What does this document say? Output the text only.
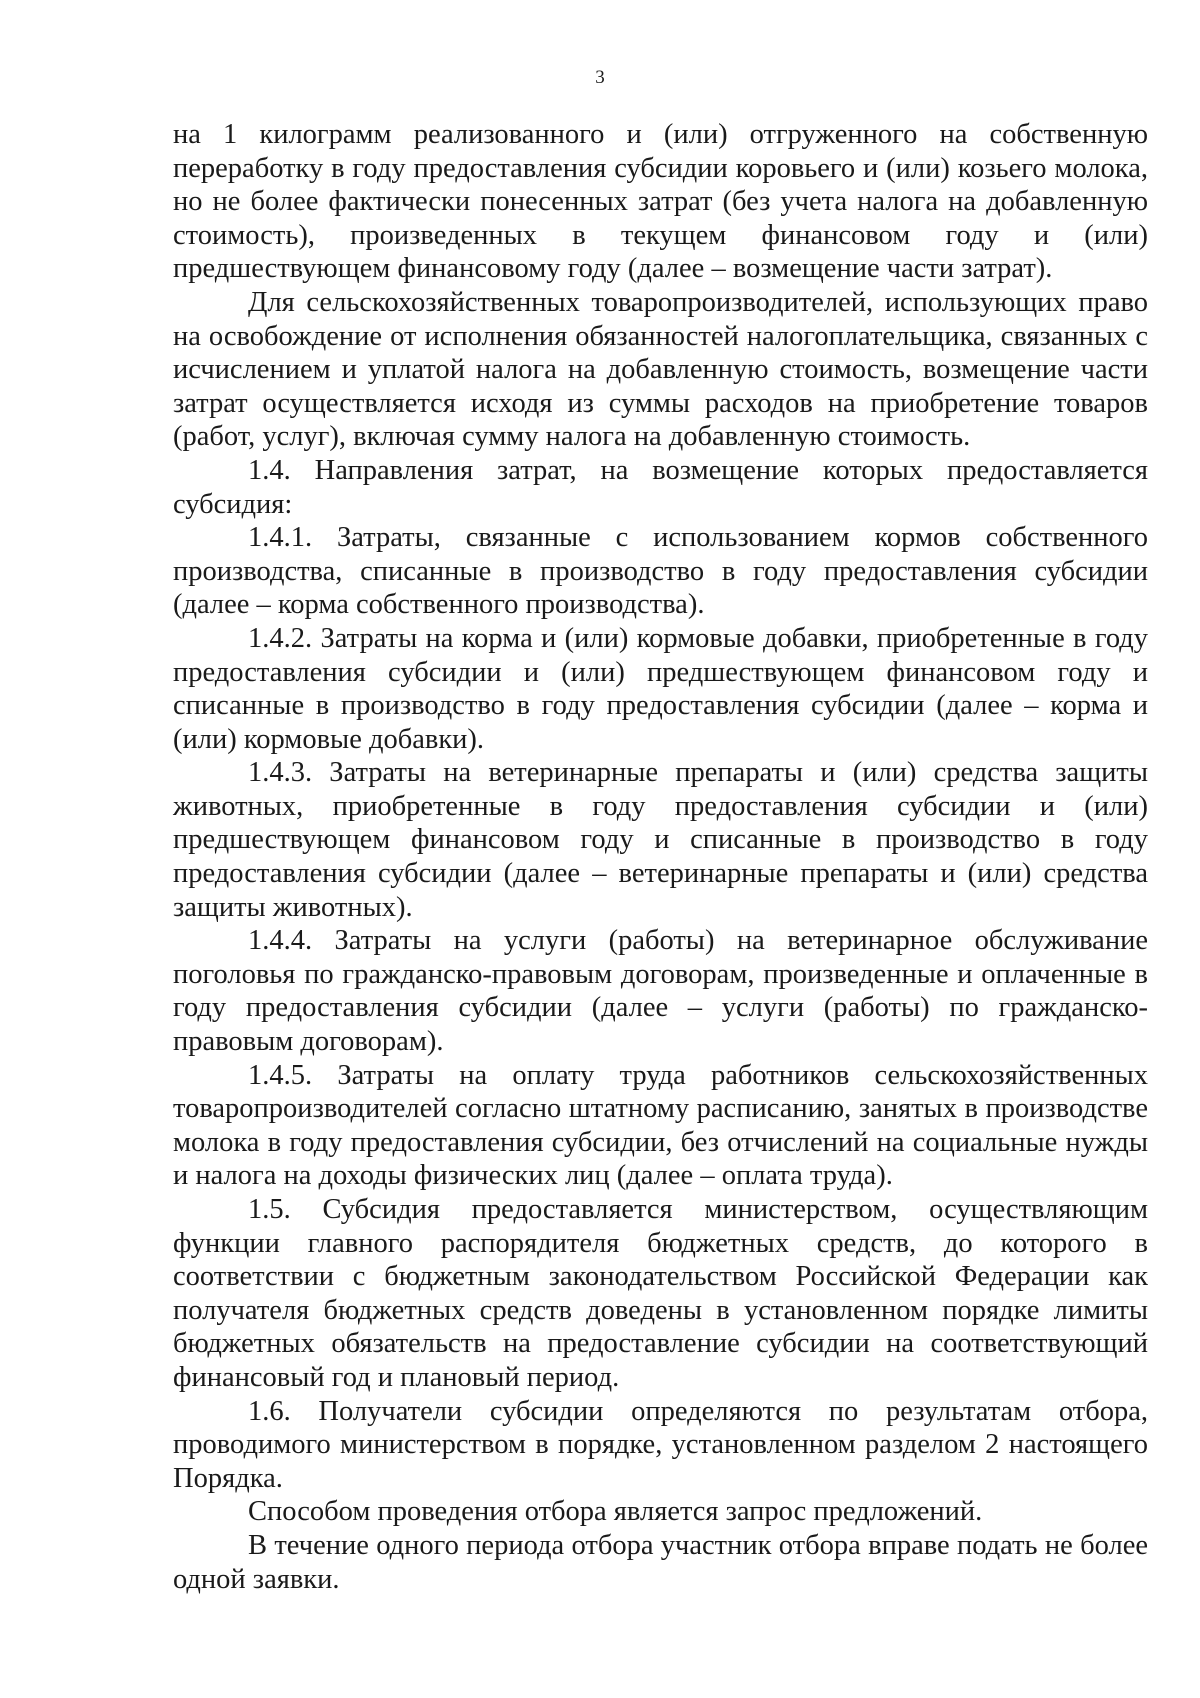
3

на 1 килограмм реализованного и (или) отгруженного на собственную переработку в году предоставления субсидии коровьего и (или) козьего молока, но не более фактически понесенных затрат (без учета налога на добавленную стоимость), произведенных в текущем финансовом году и (или) предшествующем финансовому году (далее – возмещение части затрат).

Для сельскохозяйственных товаропроизводителей, использующих право на освобождение от исполнения обязанностей налогоплательщика, связанных с исчислением и уплатой налога на добавленную стоимость, возмещение части затрат осуществляется исходя из суммы расходов на приобретение товаров (работ, услуг), включая сумму налога на добавленную стоимость.

1.4. Направления затрат, на возмещение которых предоставляется субсидия:

1.4.1. Затраты, связанные с использованием кормов собственного производства, списанные в производство в году предоставления субсидии (далее – корма собственного производства).

1.4.2. Затраты на корма и (или) кормовые добавки, приобретенные в году предоставления субсидии и (или) предшествующем финансовом году и списанные в производство в году предоставления субсидии (далее – корма и (или) кормовые добавки).

1.4.3. Затраты на ветеринарные препараты и (или) средства защиты животных, приобретенные в году предоставления субсидии и (или) предшествующем финансовом году и списанные в производство в году предоставления субсидии (далее – ветеринарные препараты и (или) средства защиты животных).

1.4.4. Затраты на услуги (работы) на ветеринарное обслуживание поголовья по гражданско-правовым договорам, произведенные и оплаченные в году предоставления субсидии (далее – услуги (работы) по гражданско-правовым договорам).

1.4.5. Затраты на оплату труда работников сельскохозяйственных товаропроизводителей согласно штатному расписанию, занятых в производстве молока в году предоставления субсидии, без отчислений на социальные нужды и налога на доходы физических лиц (далее – оплата труда).

1.5. Субсидия предоставляется министерством, осуществляющим функции главного распорядителя бюджетных средств, до которого в соответствии с бюджетным законодательством Российской Федерации как получателя бюджетных средств доведены в установленном порядке лимиты бюджетных обязательств на предоставление субсидии на соответствующий финансовый год и плановый период.

1.6. Получатели субсидии определяются по результатам отбора, проводимого министерством в порядке, установленном разделом 2 настоящего Порядка.

Способом проведения отбора является запрос предложений.

В течение одного периода отбора участник отбора вправе подать не более одной заявки.
